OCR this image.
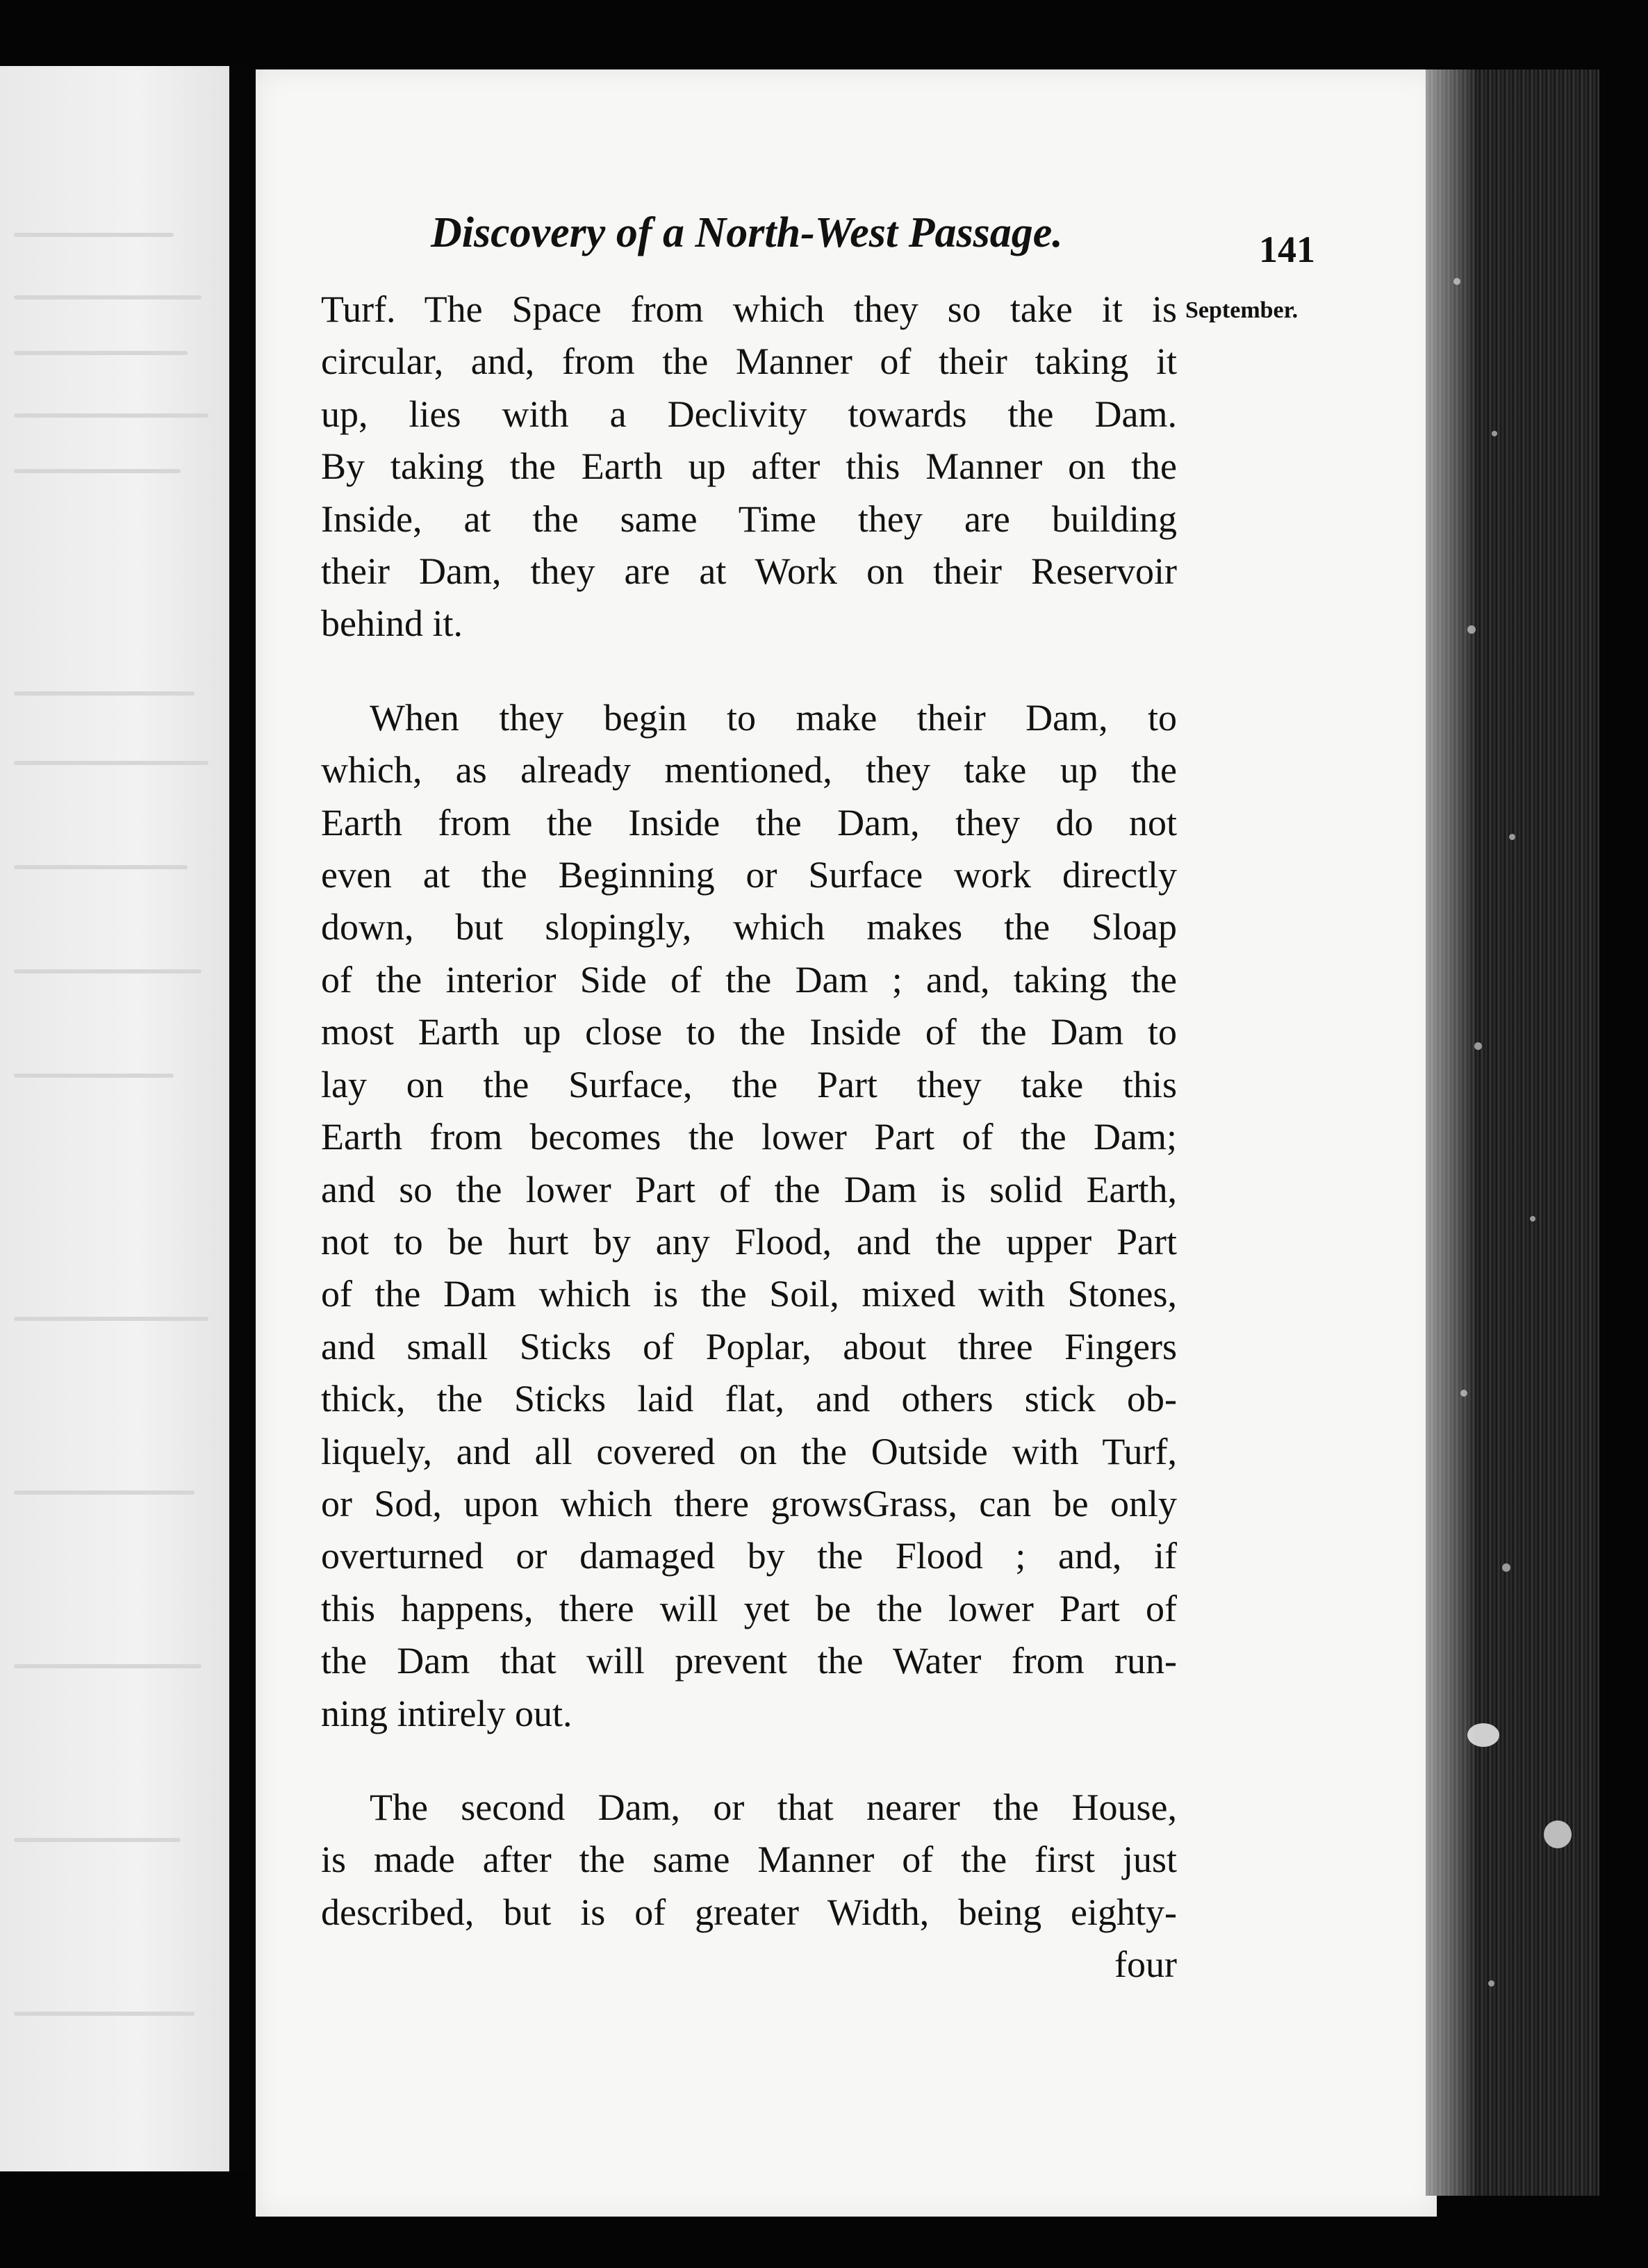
Discovery of a North-West Passage.	141
September.
Turf. The Space from which they so take it is
circular, and, from the Manner of their taking it
up, lies with a Declivity towards the Dam.
By taking the Earth up after this Manner on the
Inside, at the same Time they are building
their Dam, they are at Work on their Reservoir
behind it.
When they begin to make their Dam, to
which, as already mentioned, they take up the
Earth from the Inside the Dam, they do not
even at the Beginning or Surface work directly
down, but slopingly, which makes the Sloap
of the interior Side of the Dam ; and, taking the
most Earth up close to the Inside of the Dam to
lay on the Surface, the Part they take this
Earth from becomes the lower Part of the Dam;
and so the lower Part of the Dam is solid Earth,
not to be hurt by any Flood, and the upper Part
of the Dam which is the Soil, mixed with Stones,
and small Sticks of Poplar, about three Fingers
thick, the Sticks laid flat, and others stick ob-
liquely, and all covered on the Outside with Turf,
or Sod, upon which there growsGrass, can be only
overturned or damaged by the Flood ; and, if
this happens, there will yet be the lower Part of
the Dam that will prevent the Water from run-
ning intirely out.
The second Dam, or that nearer the House,
is made after the same Manner of the first just
described, but is of greater Width, being eighty-
four
